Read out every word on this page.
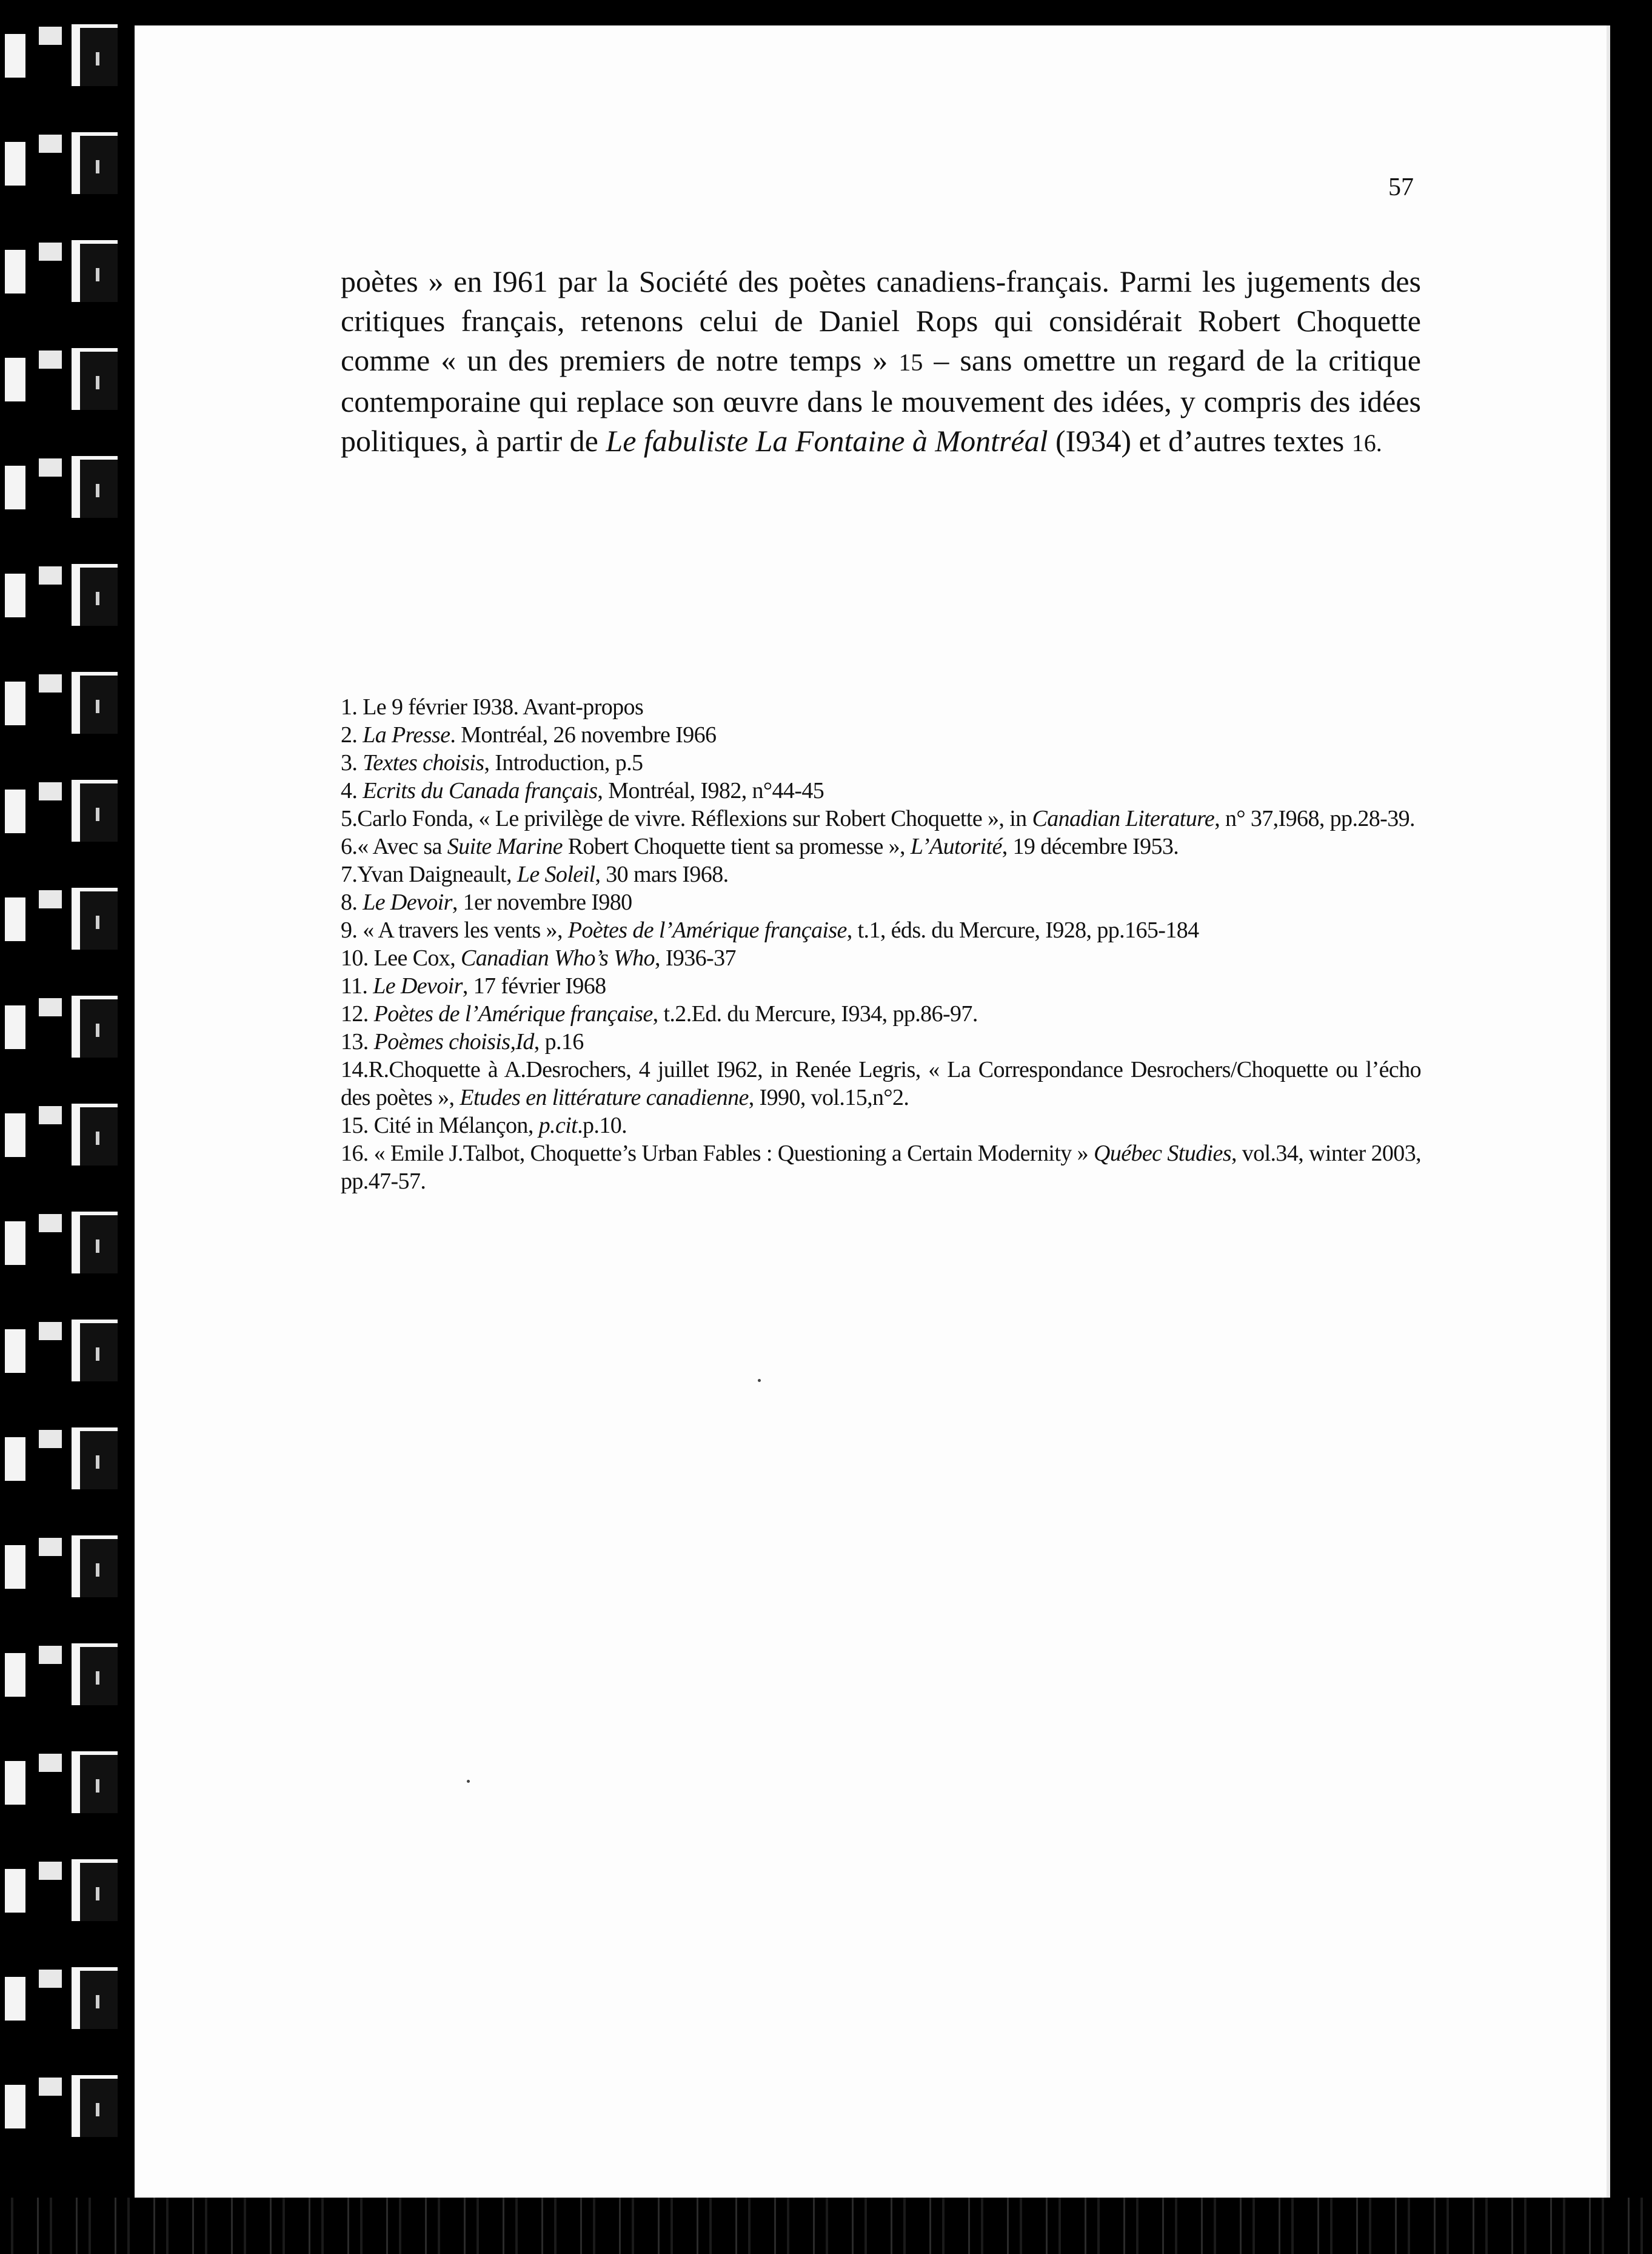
57
poètes » en I961 par la Société des poètes canadiens-français. Parmi les jugements des critiques français, retenons celui de Daniel Rops qui considérait Robert Choquette comme « un des premiers de notre temps » 15 – sans omettre un regard de la critique contemporaine qui replace son œuvre dans le mouvement des idées, y compris des idées politiques, à partir de Le fabuliste La Fontaine à Montréal (I934) et d’autres textes 16.

1. Le 9 février I938. Avant-propos

2. La Presse. Montréal, 26 novembre I966

3. Textes choisis, Introduction, p.5

4. Ecrits du Canada français, Montréal, I982, n°44-45

5.Carlo Fonda, « Le privilège de vivre. Réflexions sur Robert Choquette », in Canadian Literature, n° 37,I968, pp.28-39.

6.« Avec sa Suite Marine Robert Choquette tient sa promesse », L’Autorité, 19 décembre I953.

7.Yvan Daigneault, Le Soleil, 30 mars I968.

8. Le Devoir, 1er novembre I980

9. « A travers les vents », Poètes de l’Amérique française, t.1, éds. du Mercure, I928, pp.165-184

10. Lee Cox, Canadian Who’s Who, I936-37

11. Le Devoir, 17 février I968

12. Poètes de l’Amérique française, t.2.Ed. du Mercure, I934, pp.86-97.

13. Poèmes choisis,Id, p.16

14.R.Choquette à A.Desrochers, 4 juillet I962, in Renée Legris, « La Correspondance Desrochers/Choquette ou l’écho des poètes », Etudes en littérature canadienne, I990, vol.15,n°2.

15. Cité in Mélançon, p.cit.p.10.

16. « Emile J.Talbot, Choquette’s Urban Fables : Questioning a Certain Modernity » Québec Studies, vol.34, winter 2003, pp.47-57.
